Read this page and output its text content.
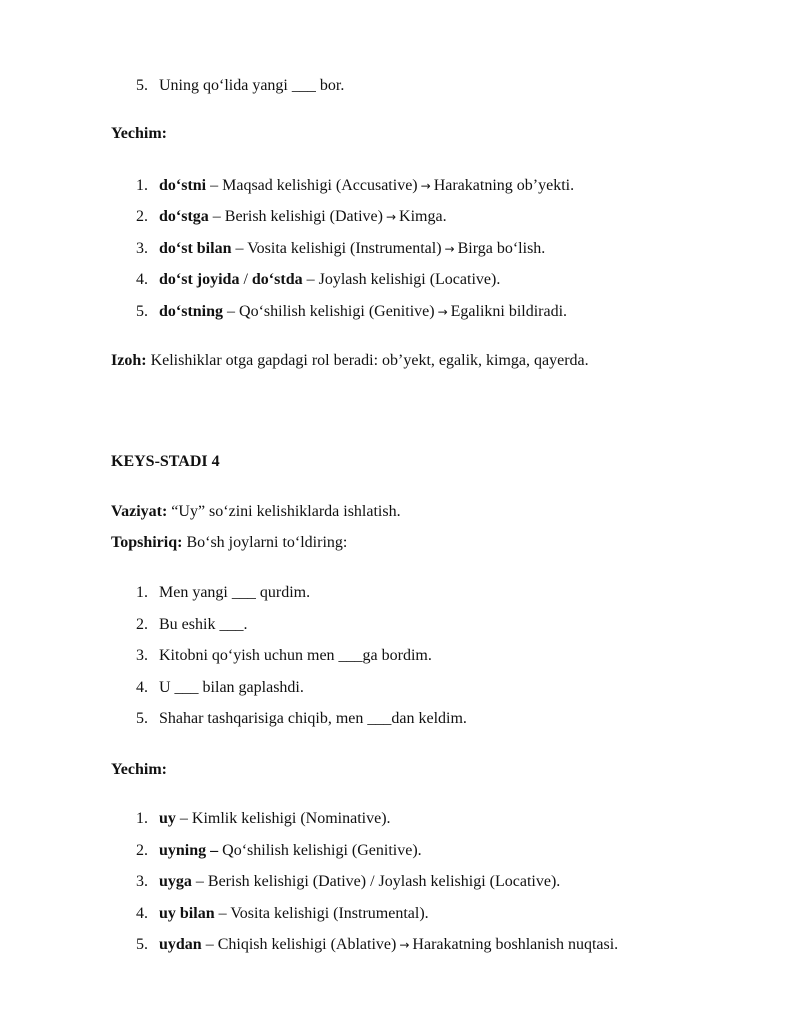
5. Uning qo‘lida yangi ___ bor.
Yechim:
1. do‘stni – Maqsad kelishigi (Accusative) → Harakatning ob’yekti.
2. do‘stga – Berish kelishigi (Dative) → Kimga.
3. do‘st bilan – Vosita kelishigi (Instrumental) → Birga bo‘lish.
4. do‘st joyida / do‘stda – Joylash kelishigi (Locative).
5. do‘stning – Qo‘shilish kelishigi (Genitive) → Egalikni bildiradi.
Izoh: Kelishiklar otga gapdagi rol beradi: ob’yekt, egalik, kimga, qayerda.
KEYS-STADI 4
Vaziyat: “Uy” so‘zini kelishiklarda ishlatish.
Topshiriq: Bo‘sh joylarni to‘ldiring:
1. Men yangi ___ qurdim.
2. Bu eshik ___.
3. Kitobni qo‘yish uchun men ___ga bordim.
4. U ___ bilan gaplashdi.
5. Shahar tashqarisiga chiqib, men ___dan keldim.
Yechim:
1. uy – Kimlik kelishigi (Nominative).
2. uyning – Qo‘shilish kelishigi (Genitive).
3. uyga – Berish kelishigi (Dative) / Joylash kelishigi (Locative).
4. uy bilan – Vosita kelishigi (Instrumental).
5. uydan – Chiqish kelishigi (Ablative) → Harakatning boshlanish nuqtasi.
